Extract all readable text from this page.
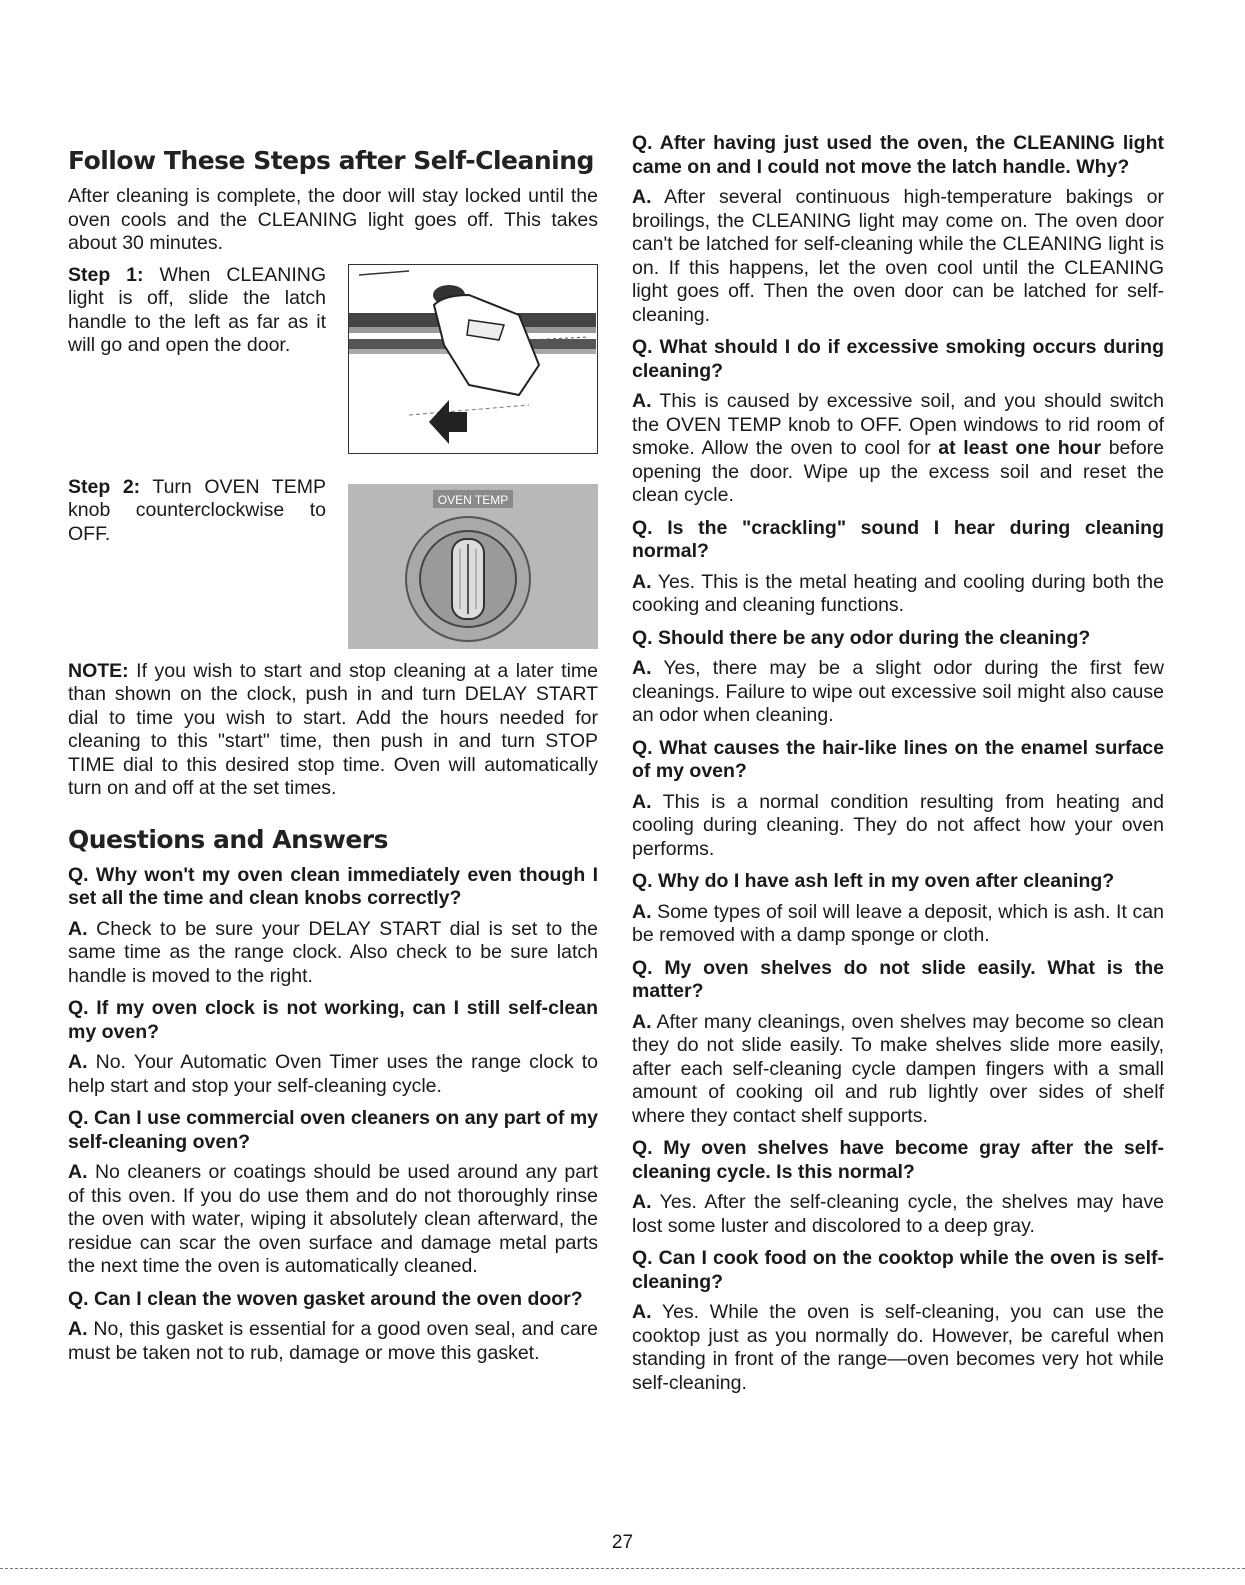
Follow These Steps after Self-Cleaning

After cleaning is complete, the door will stay locked until the oven cools and the CLEANING light goes off. This takes about 30 minutes.

Step 1: When CLEANING light is off, slide the latch handle to the left as far as it will go and open the door.

Step 2: Turn OVEN TEMP knob counterclockwise to OFF.

OVEN TEMP

NOTE: If you wish to start and stop cleaning at a later time than shown on the clock, push in and turn DELAY START dial to time you wish to start. Add the hours needed for cleaning to this "start" time, then push in and turn STOP TIME dial to this desired stop time. Oven will automatically turn on and off at the set times.

Questions and Answers

Q. Why won't my oven clean immediately even though I set all the time and clean knobs correctly?

A. Check to be sure your DELAY START dial is set to the same time as the range clock. Also check to be sure latch handle is moved to the right.

Q. If my oven clock is not working, can I still self-clean my oven?

A. No. Your Automatic Oven Timer uses the range clock to help start and stop your self-cleaning cycle.

Q. Can I use commercial oven cleaners on any part of my self-cleaning oven?

A. No cleaners or coatings should be used around any part of this oven. If you do use them and do not thoroughly rinse the oven with water, wiping it absolutely clean afterward, the residue can scar the oven surface and damage metal parts the next time the oven is automatically cleaned.

Q. Can I clean the woven gasket around the oven door?

A. No, this gasket is essential for a good oven seal, and care must be taken not to rub, damage or move this gasket.

Q. After having just used the oven, the CLEANING light came on and I could not move the latch handle. Why?

A. After several continuous high-temperature bakings or broilings, the CLEANING light may come on. The oven door can't be latched for self-cleaning while the CLEANING light is on. If this happens, let the oven cool until the CLEANING light goes off. Then the oven door can be latched for self-cleaning.

Q. What should I do if excessive smoking occurs during cleaning?

A. This is caused by excessive soil, and you should switch the OVEN TEMP knob to OFF. Open windows to rid room of smoke. Allow the oven to cool for at least one hour before opening the door. Wipe up the excess soil and reset the clean cycle.

Q. Is the "crackling" sound I hear during cleaning normal?

A. Yes. This is the metal heating and cooling during both the cooking and cleaning functions.

Q. Should there be any odor during the cleaning?

A. Yes, there may be a slight odor during the first few cleanings. Failure to wipe out excessive soil might also cause an odor when cleaning.

Q. What causes the hair-like lines on the enamel surface of my oven?

A. This is a normal condition resulting from heating and cooling during cleaning. They do not affect how your oven performs.

Q. Why do I have ash left in my oven after cleaning?

A. Some types of soil will leave a deposit, which is ash. It can be removed with a damp sponge or cloth.

Q. My oven shelves do not slide easily. What is the matter?

A. After many cleanings, oven shelves may become so clean they do not slide easily. To make shelves slide more easily, after each self-cleaning cycle dampen fingers with a small amount of cooking oil and rub lightly over sides of shelf where they contact shelf supports.

Q. My oven shelves have become gray after the self-cleaning cycle. Is this normal?

A. Yes. After the self-cleaning cycle, the shelves may have lost some luster and discolored to a deep gray.

Q. Can I cook food on the cooktop while the oven is self-cleaning?

A. Yes. While the oven is self-cleaning, you can use the cooktop just as you normally do. However, be careful when standing in front of the range—oven becomes very hot while self-cleaning.

27
